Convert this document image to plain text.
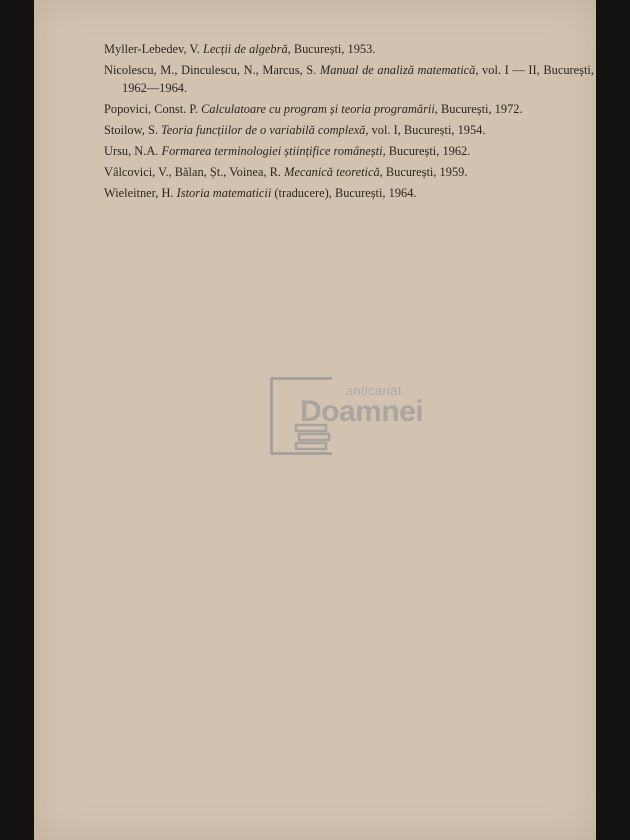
Myller-Lebedev, V. Lecții de algebră, București, 1953.

Nicolescu, M., Dinculescu, N., Marcus, S. Manual de analiză matematică, vol. I — II, București, 1962—1964.

Popovici, Const. P. Calculatoare cu program și teoria programării, București, 1972.

Stoilow, S. Teoria funcțiilor de o variabilă complexă, vol. I, București, 1954.

Ursu, N.A. Formarea terminologiei științifice românești, București, 1962.

Vâlcovici, V., Bălan, Șt., Voinea, R. Mecanică teoretică, București, 1959.

Wieleitner, H. Istoria matematicii (traducere), București, 1964.

anticariat
Doamnei
